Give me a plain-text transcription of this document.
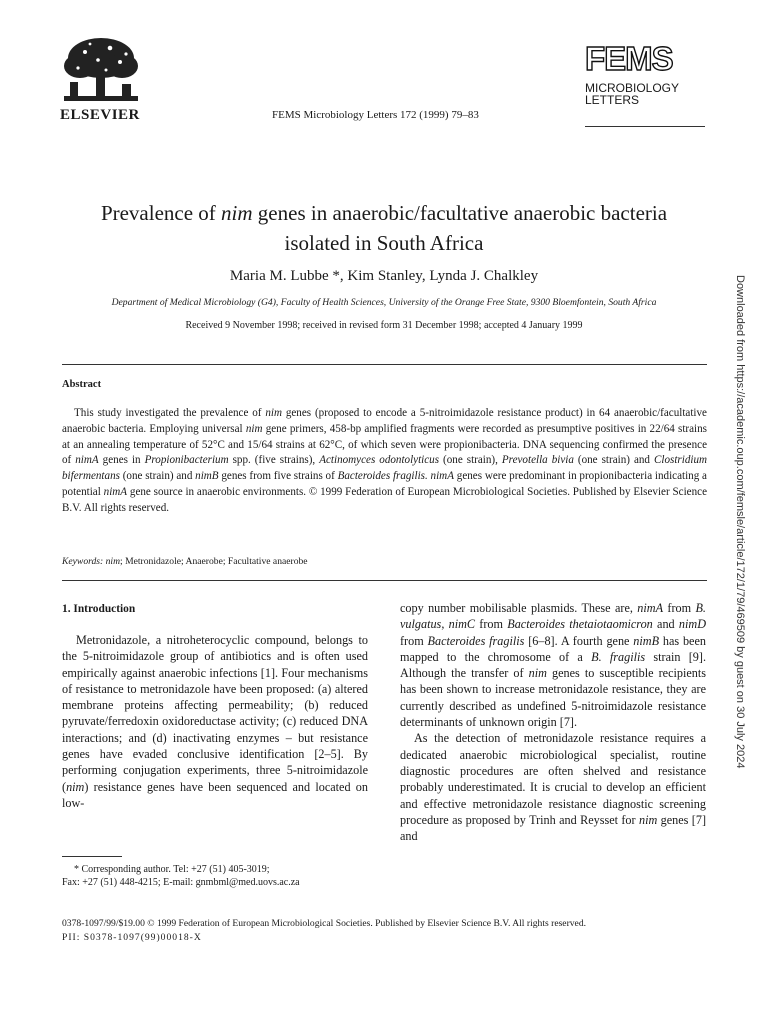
ELSEVIER	FEMS Microbiology Letters 172 (1999) 79–83
FEMS
MICROBIOLOGY
LETTERS
Downloaded from https://academic.oup.com/femsle/article/172/1/79/469509 by guest on 30 July 2024
Prevalence of nim genes in anaerobic/facultative anaerobic bacteria
isolated in South Africa
Maria M. Lubbe *, Kim Stanley, Lynda J. Chalkley
Department of Medical Microbiology (G4), Faculty of Health Sciences, University of the Orange Free State, 9300 Bloemfontein, South Africa
Received 9 November 1998; received in revised form 31 December 1998; accepted 4 January 1999
Abstract

This study investigated the prevalence of nim genes (proposed to encode a 5-nitroimidazole resistance product) in 64 anaerobic/facultative anaerobic bacteria. Employing universal nim gene primers, 458-bp amplified fragments were recorded as presumptive positives in 22/64 strains at an annealing temperature of 52°C and 15/64 strains at 62°C, of which seven were propionibacteria. DNA sequencing confirmed the presence of nimA genes in Propionibacterium spp. (five strains), Actinomyces odontolyticus (one strain), Prevotella bivia (one strain) and Clostridium bifermentans (one strain) and nimB genes from five strains of Bacteroides fragilis. nimA genes were predominant in propionibacteria indicating a potential nimA gene source in anaerobic environments. © 1999 Federation of European Microbiological Societies. Published by Elsevier Science B.V. All rights reserved.

Keywords: nim; Metronidazole; Anaerobe; Facultative anaerobe
1. Introduction

Metronidazole, a nitroheterocyclic compound, belongs to the 5-nitroimidazole group of antibiotics and is often used empirically against anaerobic infections [1]. Four mechanisms of resistance to metronidazole have been proposed: (a) altered membrane proteins affecting permeability; (b) reduced pyruvate/ferredoxin oxidoreductase activity; (c) reduced DNA interactions; and (d) inactivating enzymes – but resistance genes have evaded conclusive identification [2–5]. By performing conjugation experiments, three 5-nitroimidazole (nim) resistance genes have been sequenced and located on low-

* Corresponding author. Tel: +27 (51) 405-3019;
Fax: +27 (51) 448-4215; E-mail: gnmbml@med.uovs.ac.za

copy number mobilisable plasmids. These are, nimA from B. vulgatus, nimC from Bacteroides thetaiotaomicron and nimD from Bacteroides fragilis [6–8]. A fourth gene nimB has been mapped to the chromosome of a B. fragilis strain [9]. Although the transfer of nim genes to susceptible recipients has been shown to increase metronidazole resistance, they are currently described as undefined 5-nitroimidazole resistance determinants of unknown origin [7].

As the detection of metronidazole resistance requires a dedicated anaerobic microbiological specialist, routine diagnostic procedures are often shelved and resistance probably underestimated. It is crucial to develop an efficient and effective metronidazole resistance diagnostic screening procedure as proposed by Trinh and Reysset for nim genes [7] and

0378-1097/99/$19.00 © 1999 Federation of European Microbiological Societies. Published by Elsevier Science B.V. All rights reserved.
PII: S0378-1097(99)00018-X
